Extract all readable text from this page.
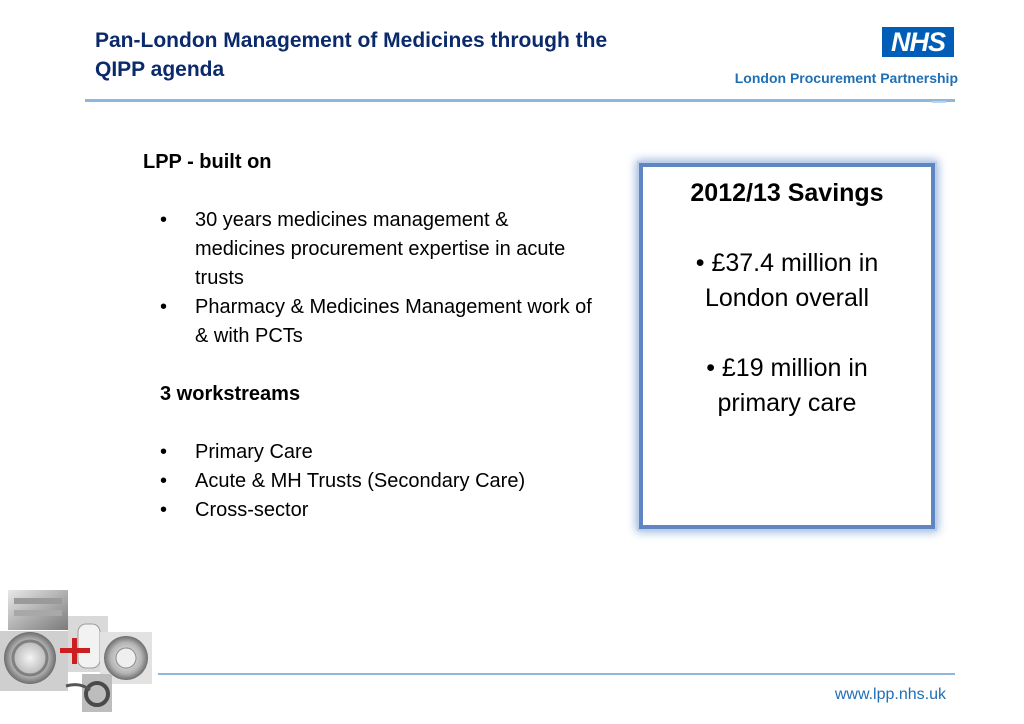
Pan-London Management of Medicines through the
QIPP agenda
NHS
London Procurement Partnership

LPP - built on

• 30 years medicines management & medicines procurement expertise in acute trusts
• Pharmacy & Medicines Management work of & with PCTs

3 workstreams

• Primary Care
• Acute & MH Trusts (Secondary Care)
• Cross-sector
2012/13 Savings
• £37.4 million in London overall
• £19 million in primary care
www.lpp.nhs.uk
